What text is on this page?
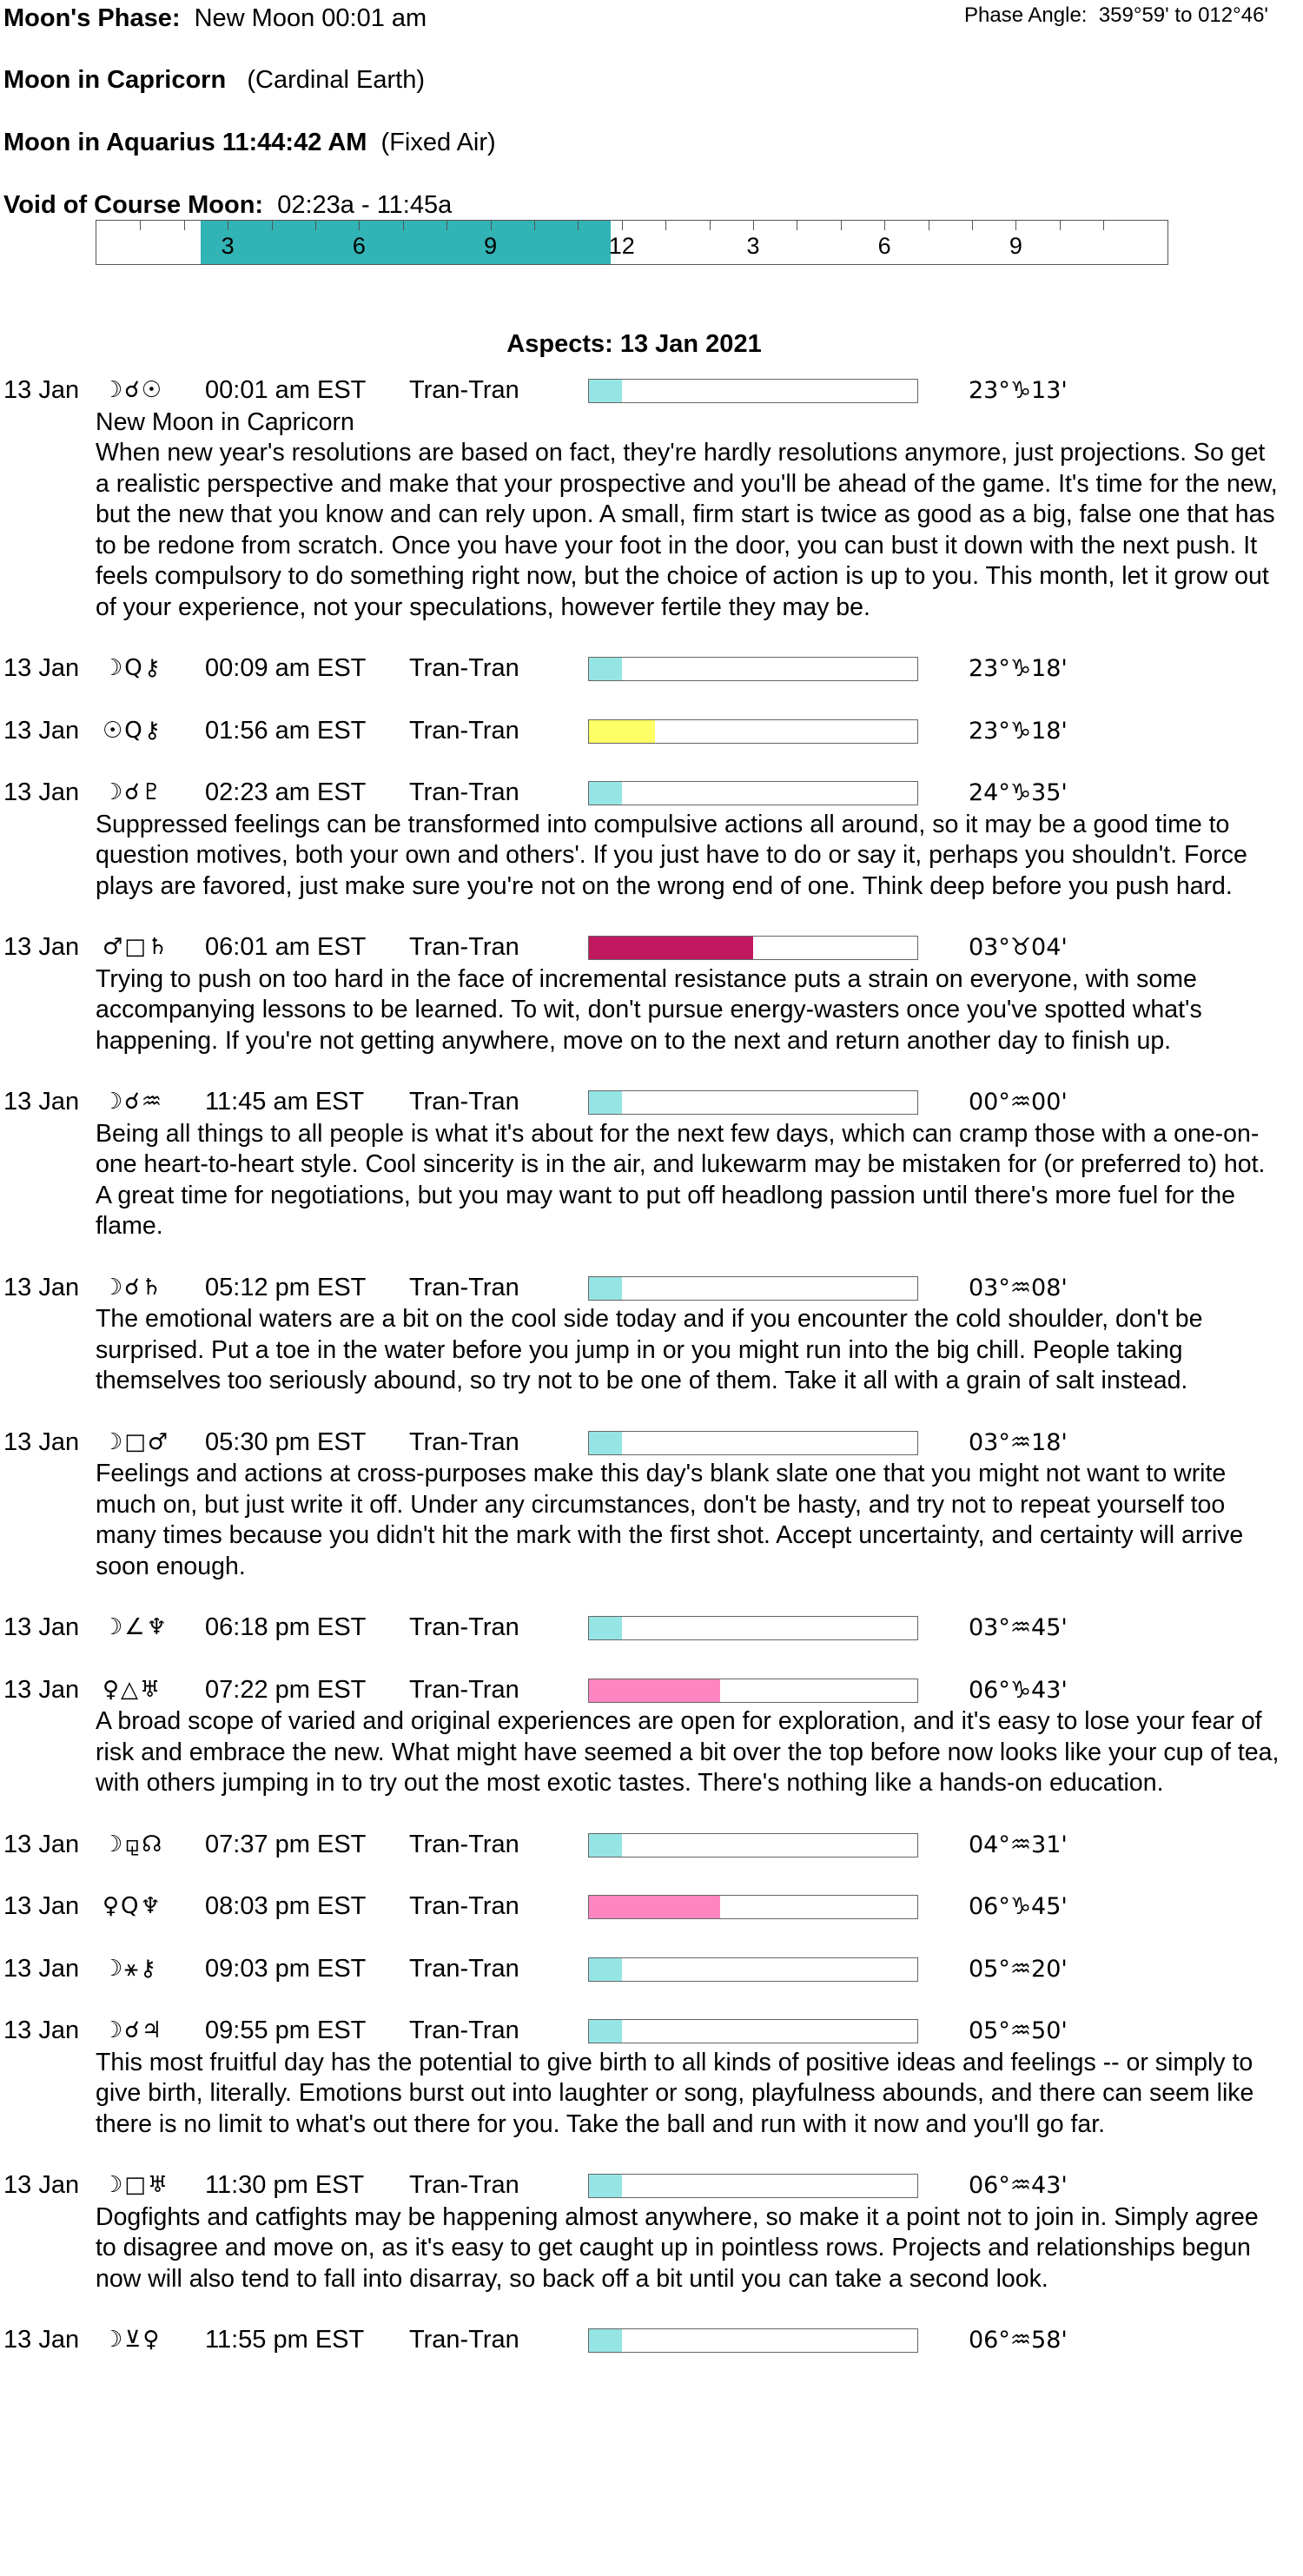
Moon's Phase: New Moon 00:01 am	Phase Angle: 359°59' to 012°46'
Moon in Capricorn (Cardinal Earth)
Moon in Aquarius 11:44:42 AM (Fixed Air)
Void of Course Moon: 02:23a - 11:45a
3	6	9	12	3	6	9
Aspects: 13 Jan 2021
13 Jan ☽☌☉ 00:01 am EST Tran-Tran	23°♑13'
New Moon in Capricorn
When new year's resolutions are based on fact, they're hardly resolutions anymore, just projections. So get a realistic perspective and make that your prospective and you'll be ahead of the game. It's time for the new, but the new that you know and can rely upon. A small, firm start is twice as good as a big, false one that has to be redone from scratch. Once you have your foot in the door, you can bust it down with the next push. It feels compulsory to do something right now, but the choice of action is up to you. This month, let it grow out of your experience, not your speculations, however fertile they may be.
13 Jan ☽Q⚷ 00:09 am EST Tran-Tran	23°♑18'
13 Jan ☉Q⚷ 01:56 am EST Tran-Tran	23°♑18'
13 Jan ☽☌♇ 02:23 am EST Tran-Tran	24°♑35'
Suppressed feelings can be transformed into compulsive actions all around, so it may be a good time to question motives, both your own and others'. If you just have to do or say it, perhaps you shouldn't. Force plays are favored, just make sure you're not on the wrong end of one. Think deep before you push hard.
13 Jan ♂□♄ 06:01 am EST Tran-Tran	03°♉04'
Trying to push on too hard in the face of incremental resistance puts a strain on everyone, with some accompanying lessons to be learned. To wit, don't pursue energy-wasters once you've spotted what's happening. If you're not getting anywhere, move on to the next and return another day to finish up.
13 Jan ☽☌♒ 11:45 am EST Tran-Tran	00°♒00'
Being all things to all people is what it's about for the next few days, which can cramp those with a one-on-one heart-to-heart style. Cool sincerity is in the air, and lukewarm may be mistaken for (or preferred to) hot. A great time for negotiations, but you may want to put off headlong passion until there's more fuel for the flame.
13 Jan ☽☌♄ 05:12 pm EST Tran-Tran	03°♒08'
The emotional waters are a bit on the cool side today and if you encounter the cold shoulder, don't be surprised. Put a toe in the water before you jump in or you might run into the big chill. People taking themselves too seriously abound, so try not to be one of them. Take it all with a grain of salt instead.
13 Jan ☽□♂ 05:30 pm EST Tran-Tran	03°♒18'
Feelings and actions at cross-purposes make this day's blank slate one that you might not want to write much on, but just write it off. Under any circumstances, don't be hasty, and try not to repeat yourself too many times because you didn't hit the mark with the first shot. Accept uncertainty, and certainty will arrive soon enough.
13 Jan ☽∠♆ 06:18 pm EST Tran-Tran	03°♒45'
13 Jan ♀△♅ 07:22 pm EST Tran-Tran	06°♑43'
A broad scope of varied and original experiences are open for exploration, and it's easy to lose your fear of risk and embrace the new. What might have seemed a bit over the top before now looks like your cup of tea, with others jumping in to try out the most exotic tastes. There's nothing like a hands-on education.
13 Jan ☽⚼☊ 07:37 pm EST Tran-Tran	04°♒31'
13 Jan ♀Q♆ 08:03 pm EST Tran-Tran	06°♑45'
13 Jan ☽⚹⚷ 09:03 pm EST Tran-Tran	05°♒20'
13 Jan ☽☌♃ 09:55 pm EST Tran-Tran	05°♒50'
This most fruitful day has the potential to give birth to all kinds of positive ideas and feelings -- or simply to give birth, literally. Emotions burst out into laughter or song, playfulness abounds, and there can seem like there is no limit to what's out there for you. Take the ball and run with it now and you'll go far.
13 Jan ☽□♅ 11:30 pm EST Tran-Tran	06°♒43'
Dogfights and catfights may be happening almost anywhere, so make it a point not to join in. Simply agree to disagree and move on, as it's easy to get caught up in pointless rows. Projects and relationships begun now will also tend to fall into disarray, so back off a bit until you can take a second look.
13 Jan ☽⊻♀ 11:55 pm EST Tran-Tran	06°♒58'
